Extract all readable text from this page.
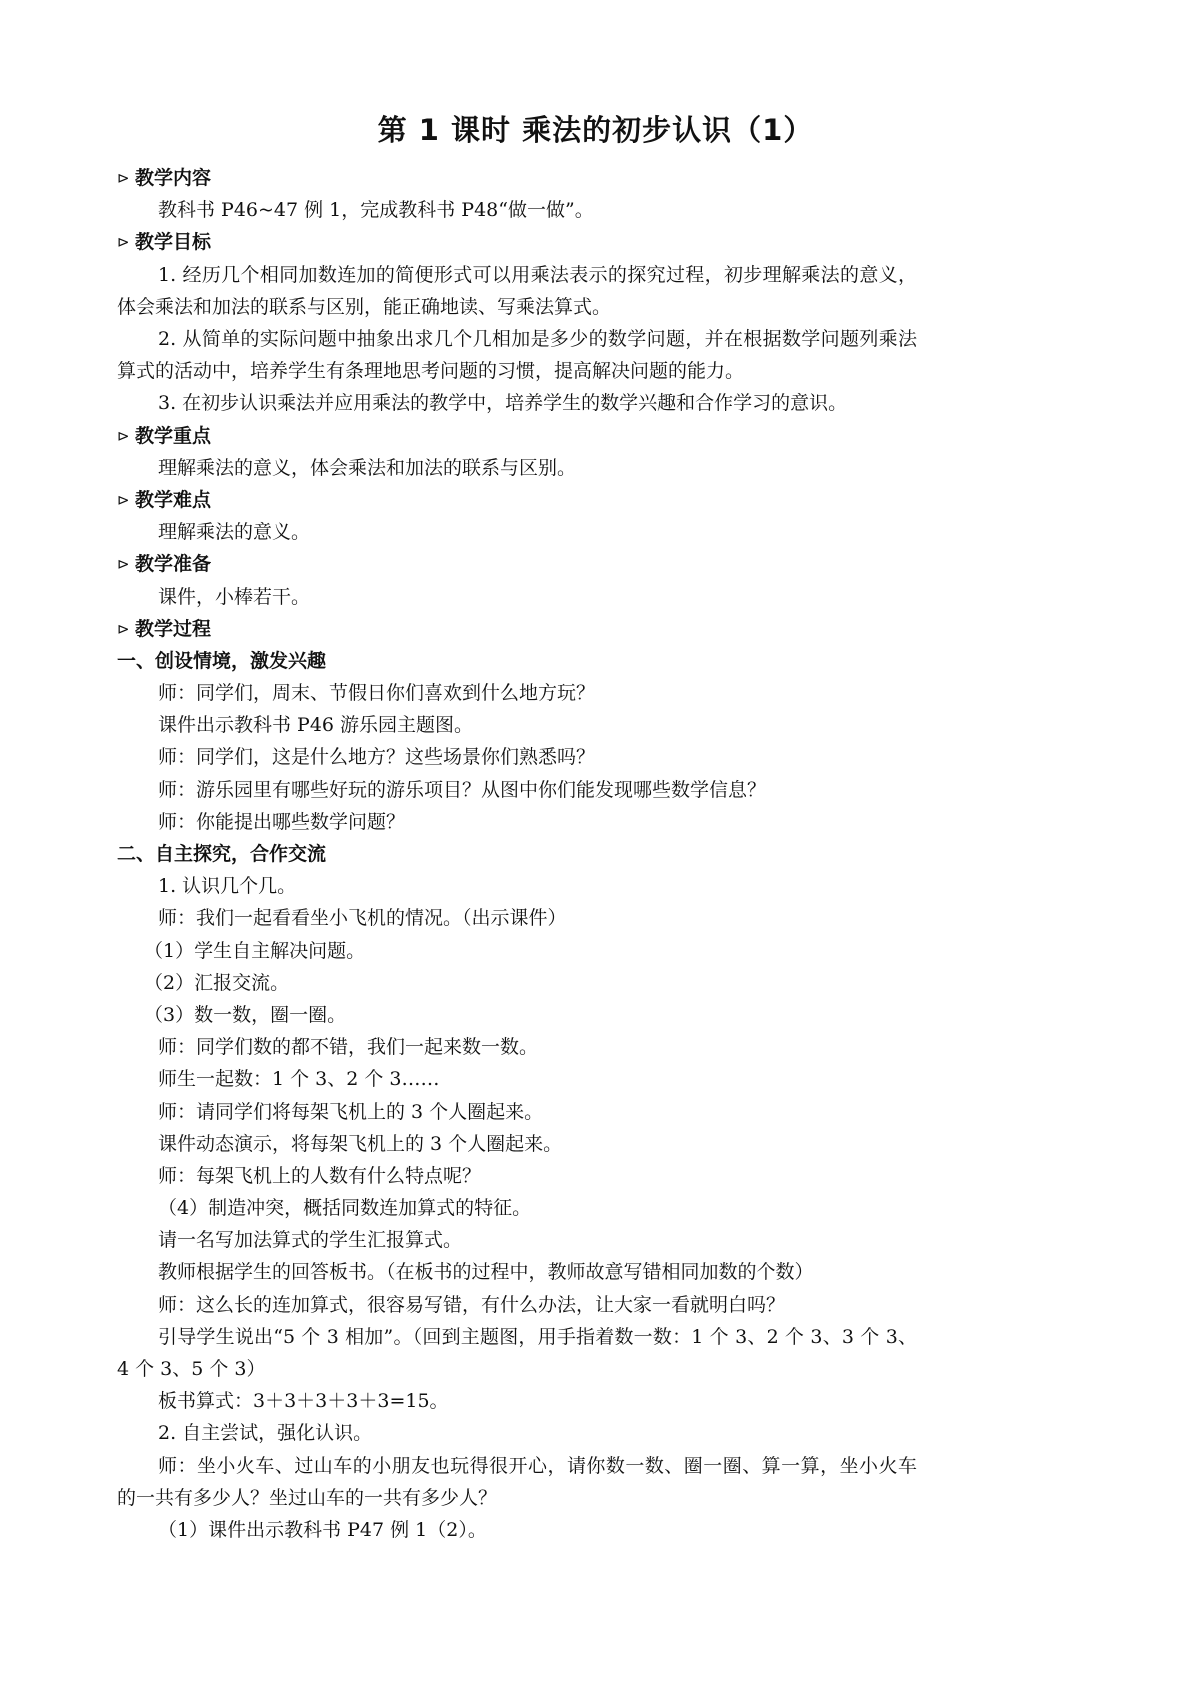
第 1 课时 乘法的初步认识（1）
⊳ 教学内容
教科书 P46~47 例 1，完成教科书 P48“做一做”。
⊳ 教学目标
1. 经历几个相同加数连加的简便形式可以用乘法表示的探究过程，初步理解乘法的意义，体会乘法和加法的联系与区别，能正确地读、写乘法算式。
2. 从简单的实际问题中抽象出求几个几相加是多少的数学问题，并在根据数学问题列乘法算式的活动中，培养学生有条理地思考问题的习惯，提高解决问题的能力。
3. 在初步认识乘法并应用乘法的教学中，培养学生的数学兴趣和合作学习的意识。
⊳ 教学重点
理解乘法的意义，体会乘法和加法的联系与区别。
⊳ 教学难点
理解乘法的意义。
⊳ 教学准备
课件，小棒若干。
⊳ 教学过程
一、创设情境，激发兴趣
师：同学们，周末、节假日你们喜欢到什么地方玩？
课件出示教科书 P46 游乐园主题图。
师：同学们，这是什么地方？这些场景你们熟悉吗？
师：游乐园里有哪些好玩的游乐项目？从图中你们能发现哪些数学信息？
师：你能提出哪些数学问题？
二、自主探究，合作交流
1. 认识几个几。
师：我们一起看看坐小飞机的情况。（出示课件）
（1）学生自主解决问题。
（2）汇报交流。
（3）数一数，圈一圈。
师：同学们数的都不错，我们一起来数一数。
师生一起数：1 个 3、2 个 3……
师：请同学们将每架飞机上的 3 个人圈起来。
课件动态演示，将每架飞机上的 3 个人圈起来。
师：每架飞机上的人数有什么特点呢？
（4）制造冲突，概括同数连加算式的特征。
请一名写加法算式的学生汇报算式。
教师根据学生的回答板书。（在板书的过程中，教师故意写错相同加数的个数）
师：这么长的连加算式，很容易写错，有什么办法，让大家一看就明白吗？
引导学生说出“5 个 3 相加”。（回到主题图，用手指着数一数：1 个 3、2 个 3、3 个 3、4 个 3、5 个 3）
板书算式：3＋3＋3＋3＋3=15。
2. 自主尝试，强化认识。
师：坐小火车、过山车的小朋友也玩得很开心，请你数一数、圈一圈、算一算，坐小火车的一共有多少人？坐过山车的一共有多少人？
（1）课件出示教科书 P47 例 1（2）。
